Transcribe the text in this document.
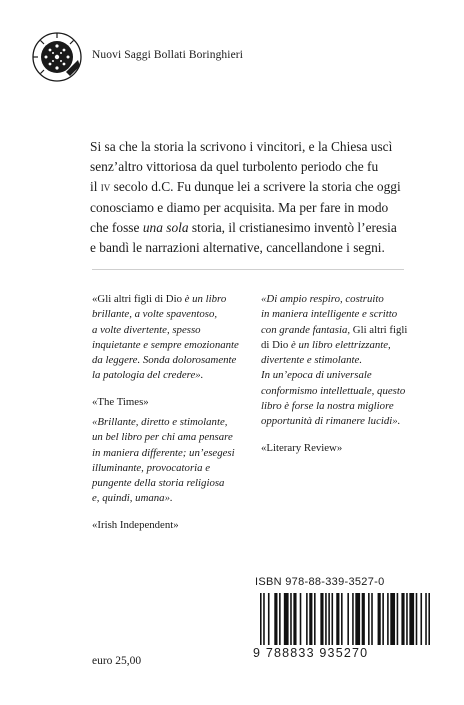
Nuovi Saggi Bollati Boringhieri

Si sa che la storia la scrivono i vincitori, e la Chiesa uscì

senz’altro vittoriosa da quel turbolento periodo che fu

il iv secolo d.C. Fu dunque lei a scrivere la storia che oggi

conosciamo e diamo per acquisita. Ma per fare in modo

che fosse una sola storia, il cristianesimo inventò l’eresia

e bandì le narrazioni alternative, cancellandone i segni.

«Gli altri figli di Dio è un libro

brillante, a volte spaventoso,

a volte divertente, spesso

inquietante e sempre emozionante

da leggere. Sonda dolorosamente

la patologia del credere».

«The Times»

«Brillante, diretto e stimolante,

un bel libro per chi ama pensare

in maniera differente; un’esegesi

illuminante, provocatoria e

pungente della storia religiosa

e, quindi, umana».

«Irish Independent»

«Di ampio respiro, costruito

in maniera intelligente e scritto

con grande fantasia, Gli altri figli

di Dio è un libro elettrizzante,

divertente e stimolante.

In un’epoca di universale

conformismo intellettuale, questo

libro è forse la nostra migliore

opportunità di rimanere lucidi».

«Literary Review»
ISBN 978-88-339-3527-0
9 788833 935270
euro 25,00
